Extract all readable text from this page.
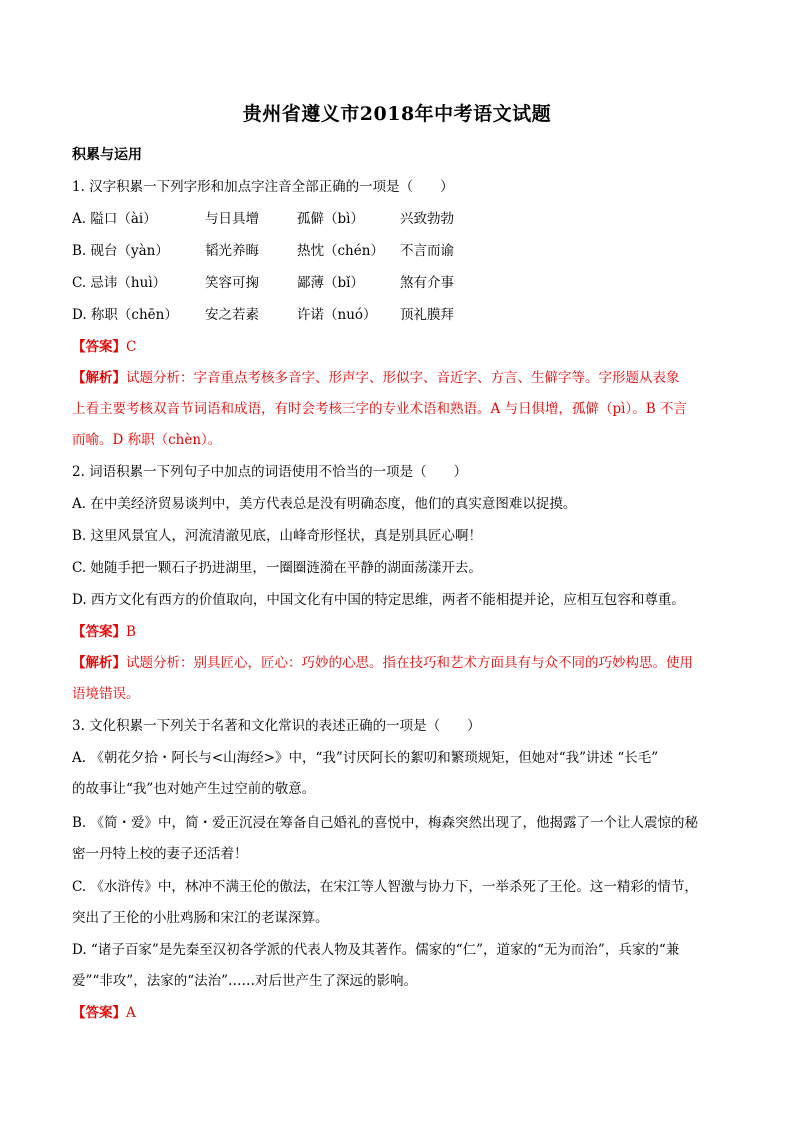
贵州省遵义市2018年中考语文试题
积累与运用
1. 汉字积累一下列字形和加点字注音全部正确的一项是（　　）
A. 隘口（ài）	与日具增	孤僻（bì）	兴致勃勃
B. 砚台（yàn）	韬光养晦	热忱（chén） 不言而谕
C. 忌讳（huì）	笑容可掬	鄙薄（bǐ）	煞有介事
D. 称职（chēn） 安之若素	许诺（nuó） 顶礼膜拜
【答案】C
【解析】试题分析：字音重点考核多音字、形声字、形似字、音近字、方言、生僻字等。字形题从表象
上看主要考核双音节词语和成语，有时会考核三字的专业术语和熟语。A 与日俱增，孤僻（pì）。B 不言
而喻。D 称职（chèn）。
2. 词语积累一下列句子中加点的词语使用不恰当的一项是（　　）
A. 在中美经济贸易谈判中，美方代表总是没有明确态度，他们的真实意图难以捉摸。
B. 这里风景宜人，河流清澈见底，山峰奇形怪状，真是别具匠心啊！
C. 她随手把一颗石子扔进湖里，一圈圈涟漪在平静的湖面荡漾开去。
D. 西方文化有西方的价值取向，中国文化有中国的特定思维，两者不能相提并论，应相互包容和尊重。
【答案】B
【解析】试题分析：别具匠心，匠心：巧妙的心思。指在技巧和艺术方面具有与众不同的巧妙构思。使用
语境错误。
3. 文化积累一下列关于名著和文化常识的表述正确的一项是（　　）
A. 《朝花夕拾・阿长与<山海经>》中，“我”讨厌阿长的絮叨和繁琐规矩，但她对“我”讲述 “长毛”
的故事让“我”也对她产生过空前的敬意。
B. 《简・爱》中，简・爱正沉浸在筹备自己婚礼的喜悦中，梅森突然出现了，他揭露了一个让人震惊的秘
密一丹特上校的妻子还活着！
C. 《水浒传》中，林冲不满王伦的傲法，在宋江等人智激与协力下，一举杀死了王伦。这一精彩的情节，
突出了王伦的小肚鸡肠和宋江的老谋深算。
D. “诸子百家”是先秦至汉初各学派的代表人物及其著作。儒家的“仁”，道家的“无为而治”，兵家的“兼
爱”“非攻”，法家的“法治”……对后世产生了深远的影响。
【答案】A
